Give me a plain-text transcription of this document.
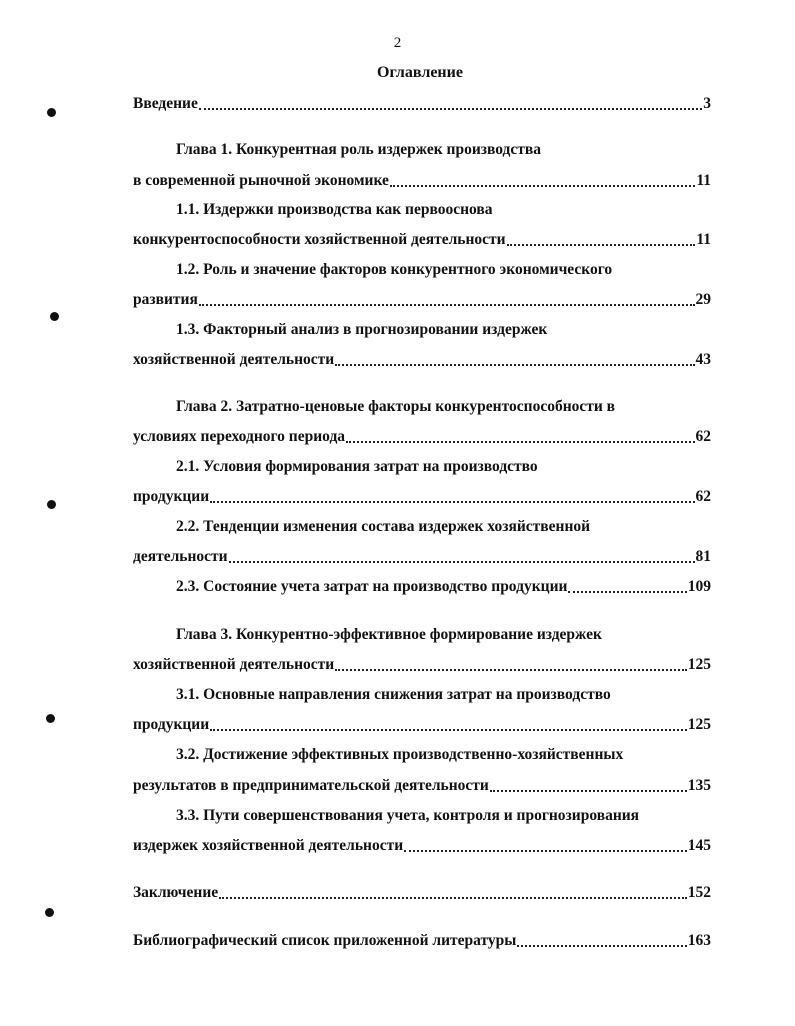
2
Оглавление
Введение	3
Глава 1. Конкурентная роль издержек производства
в современной рыночной экономике	11
1.1. Издержки производства как первооснова
конкурентоспособности хозяйственной деятельности	11
1.2. Роль и значение факторов конкурентного экономического
развития	29
1.3. Факторный анализ в прогнозировании издержек
хозяйственной деятельности	43
Глава 2. Затратно-ценовые факторы конкурентоспособности в
условиях переходного периода	62
2.1. Условия формирования затрат на производство
продукции	62
2.2. Тенденции изменения состава издержек хозяйственной
деятельности	81
2.3. Состояние учета затрат на производство продукции	109
Глава 3. Конкурентно-эффективное формирование издержек
хозяйственной деятельности	125
3.1. Основные направления снижения затрат на производство
продукции	125
3.2. Достижение эффективных производственно-хозяйственных
результатов в предпринимательской деятельности	135
3.3. Пути совершенствования учета, контроля и прогнозирования
издержек хозяйственной деятельности	145
Заключение	152
Библиографический список приложенной литературы	163
